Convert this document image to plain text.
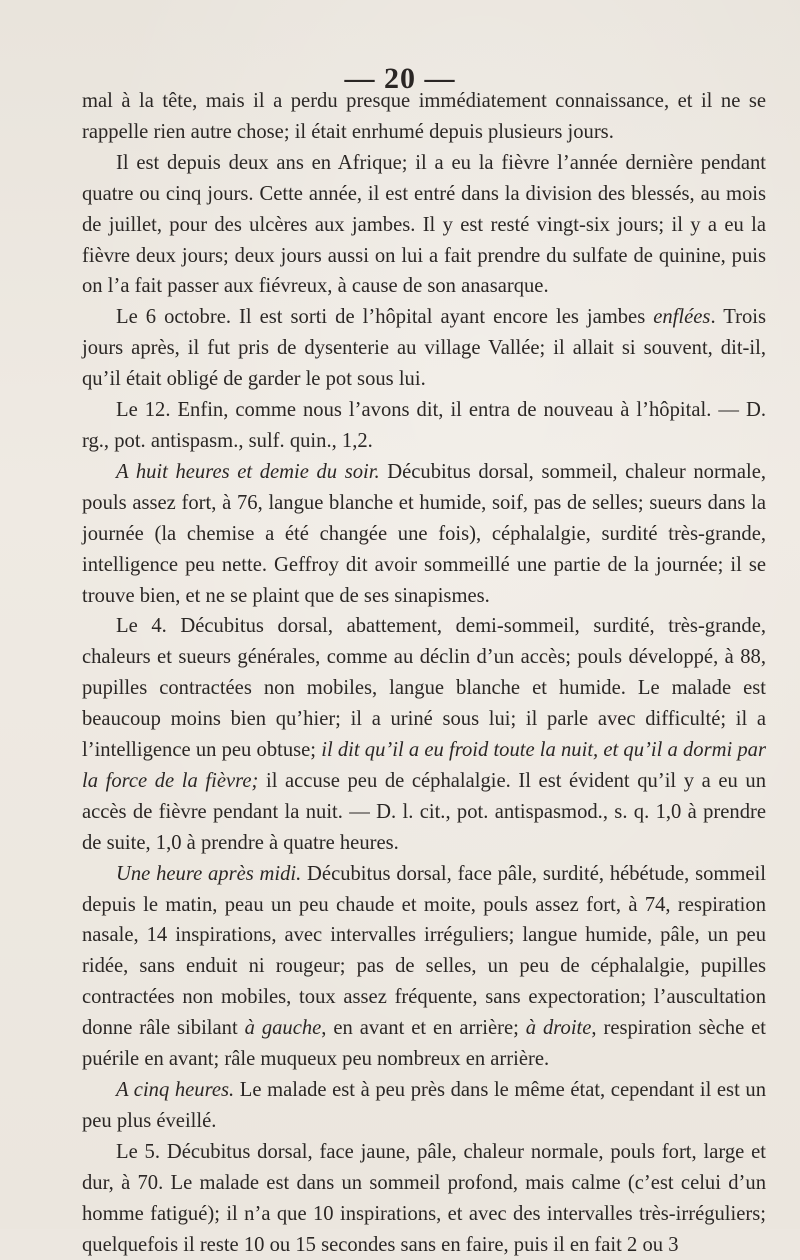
— 20 —

mal à la tête, mais il a perdu presque immédiatement connaissance, et il ne se rappelle rien autre chose; il était enrhumé depuis plusieurs jours.

Il est depuis deux ans en Afrique; il a eu la fièvre l’année dernière pendant quatre ou cinq jours. Cette année, il est entré dans la division des blessés, au mois de juillet, pour des ulcères aux jambes. Il y est resté vingt-six jours; il y a eu la fièvre deux jours; deux jours aussi on lui a fait prendre du sulfate de quinine, puis on l’a fait passer aux fiévreux, à cause de son anasarque.

Le 6 octobre. Il est sorti de l’hôpital ayant encore les jambes enflées. Trois jours après, il fut pris de dysenterie au village Vallée; il allait si souvent, dit-il, qu’il était obligé de garder le pot sous lui.

Le 12. Enfin, comme nous l’avons dit, il entra de nouveau à l’hôpital. — D. rg., pot. antispasm., sulf. quin., 1,2.

A huit heures et demie du soir. Décubitus dorsal, sommeil, chaleur normale, pouls assez fort, à 76, langue blanche et humide, soif, pas de selles; sueurs dans la journée (la chemise a été changée une fois), céphalalgie, surdité très-grande, intelligence peu nette. Geffroy dit avoir sommeillé une partie de la journée; il se trouve bien, et ne se plaint que de ses sinapismes.

Le 4. Décubitus dorsal, abattement, demi-sommeil, surdité, très-grande, chaleurs et sueurs générales, comme au déclin d’un accès; pouls développé, à 88, pupilles contractées non mobiles, langue blanche et humide. Le malade est beaucoup moins bien qu’hier; il a uriné sous lui; il parle avec difficulté; il a l’intelligence un peu obtuse; il dit qu’il a eu froid toute la nuit, et qu’il a dormi par la force de la fièvre; il accuse peu de céphalalgie. Il est évident qu’il y a eu un accès de fièvre pendant la nuit. — D. l. cit., pot. antispasmod., s. q. 1,0 à prendre de suite, 1,0 à prendre à quatre heures.

Une heure après midi. Décubitus dorsal, face pâle, surdité, hébétude, sommeil depuis le matin, peau un peu chaude et moite, pouls assez fort, à 74, respiration nasale, 14 inspirations, avec intervalles irréguliers; langue humide, pâle, un peu ridée, sans enduit ni rougeur; pas de selles, un peu de céphalalgie, pupilles contractées non mobiles, toux assez fréquente, sans expectoration; l’auscultation donne râle sibilant à gauche, en avant et en arrière; à droite, respiration sèche et puérile en avant; râle muqueux peu nombreux en arrière.

A cinq heures. Le malade est à peu près dans le même état, cependant il est un peu plus éveillé.

Le 5. Décubitus dorsal, face jaune, pâle, chaleur normale, pouls fort, large et dur, à 70. Le malade est dans un sommeil profond, mais calme (c’est celui d’un homme fatigué); il n’a que 10 inspirations, et avec des intervalles très-irréguliers; quelquefois il reste 10 ou 15 secondes sans en faire, puis il en fait 2 ou 3
